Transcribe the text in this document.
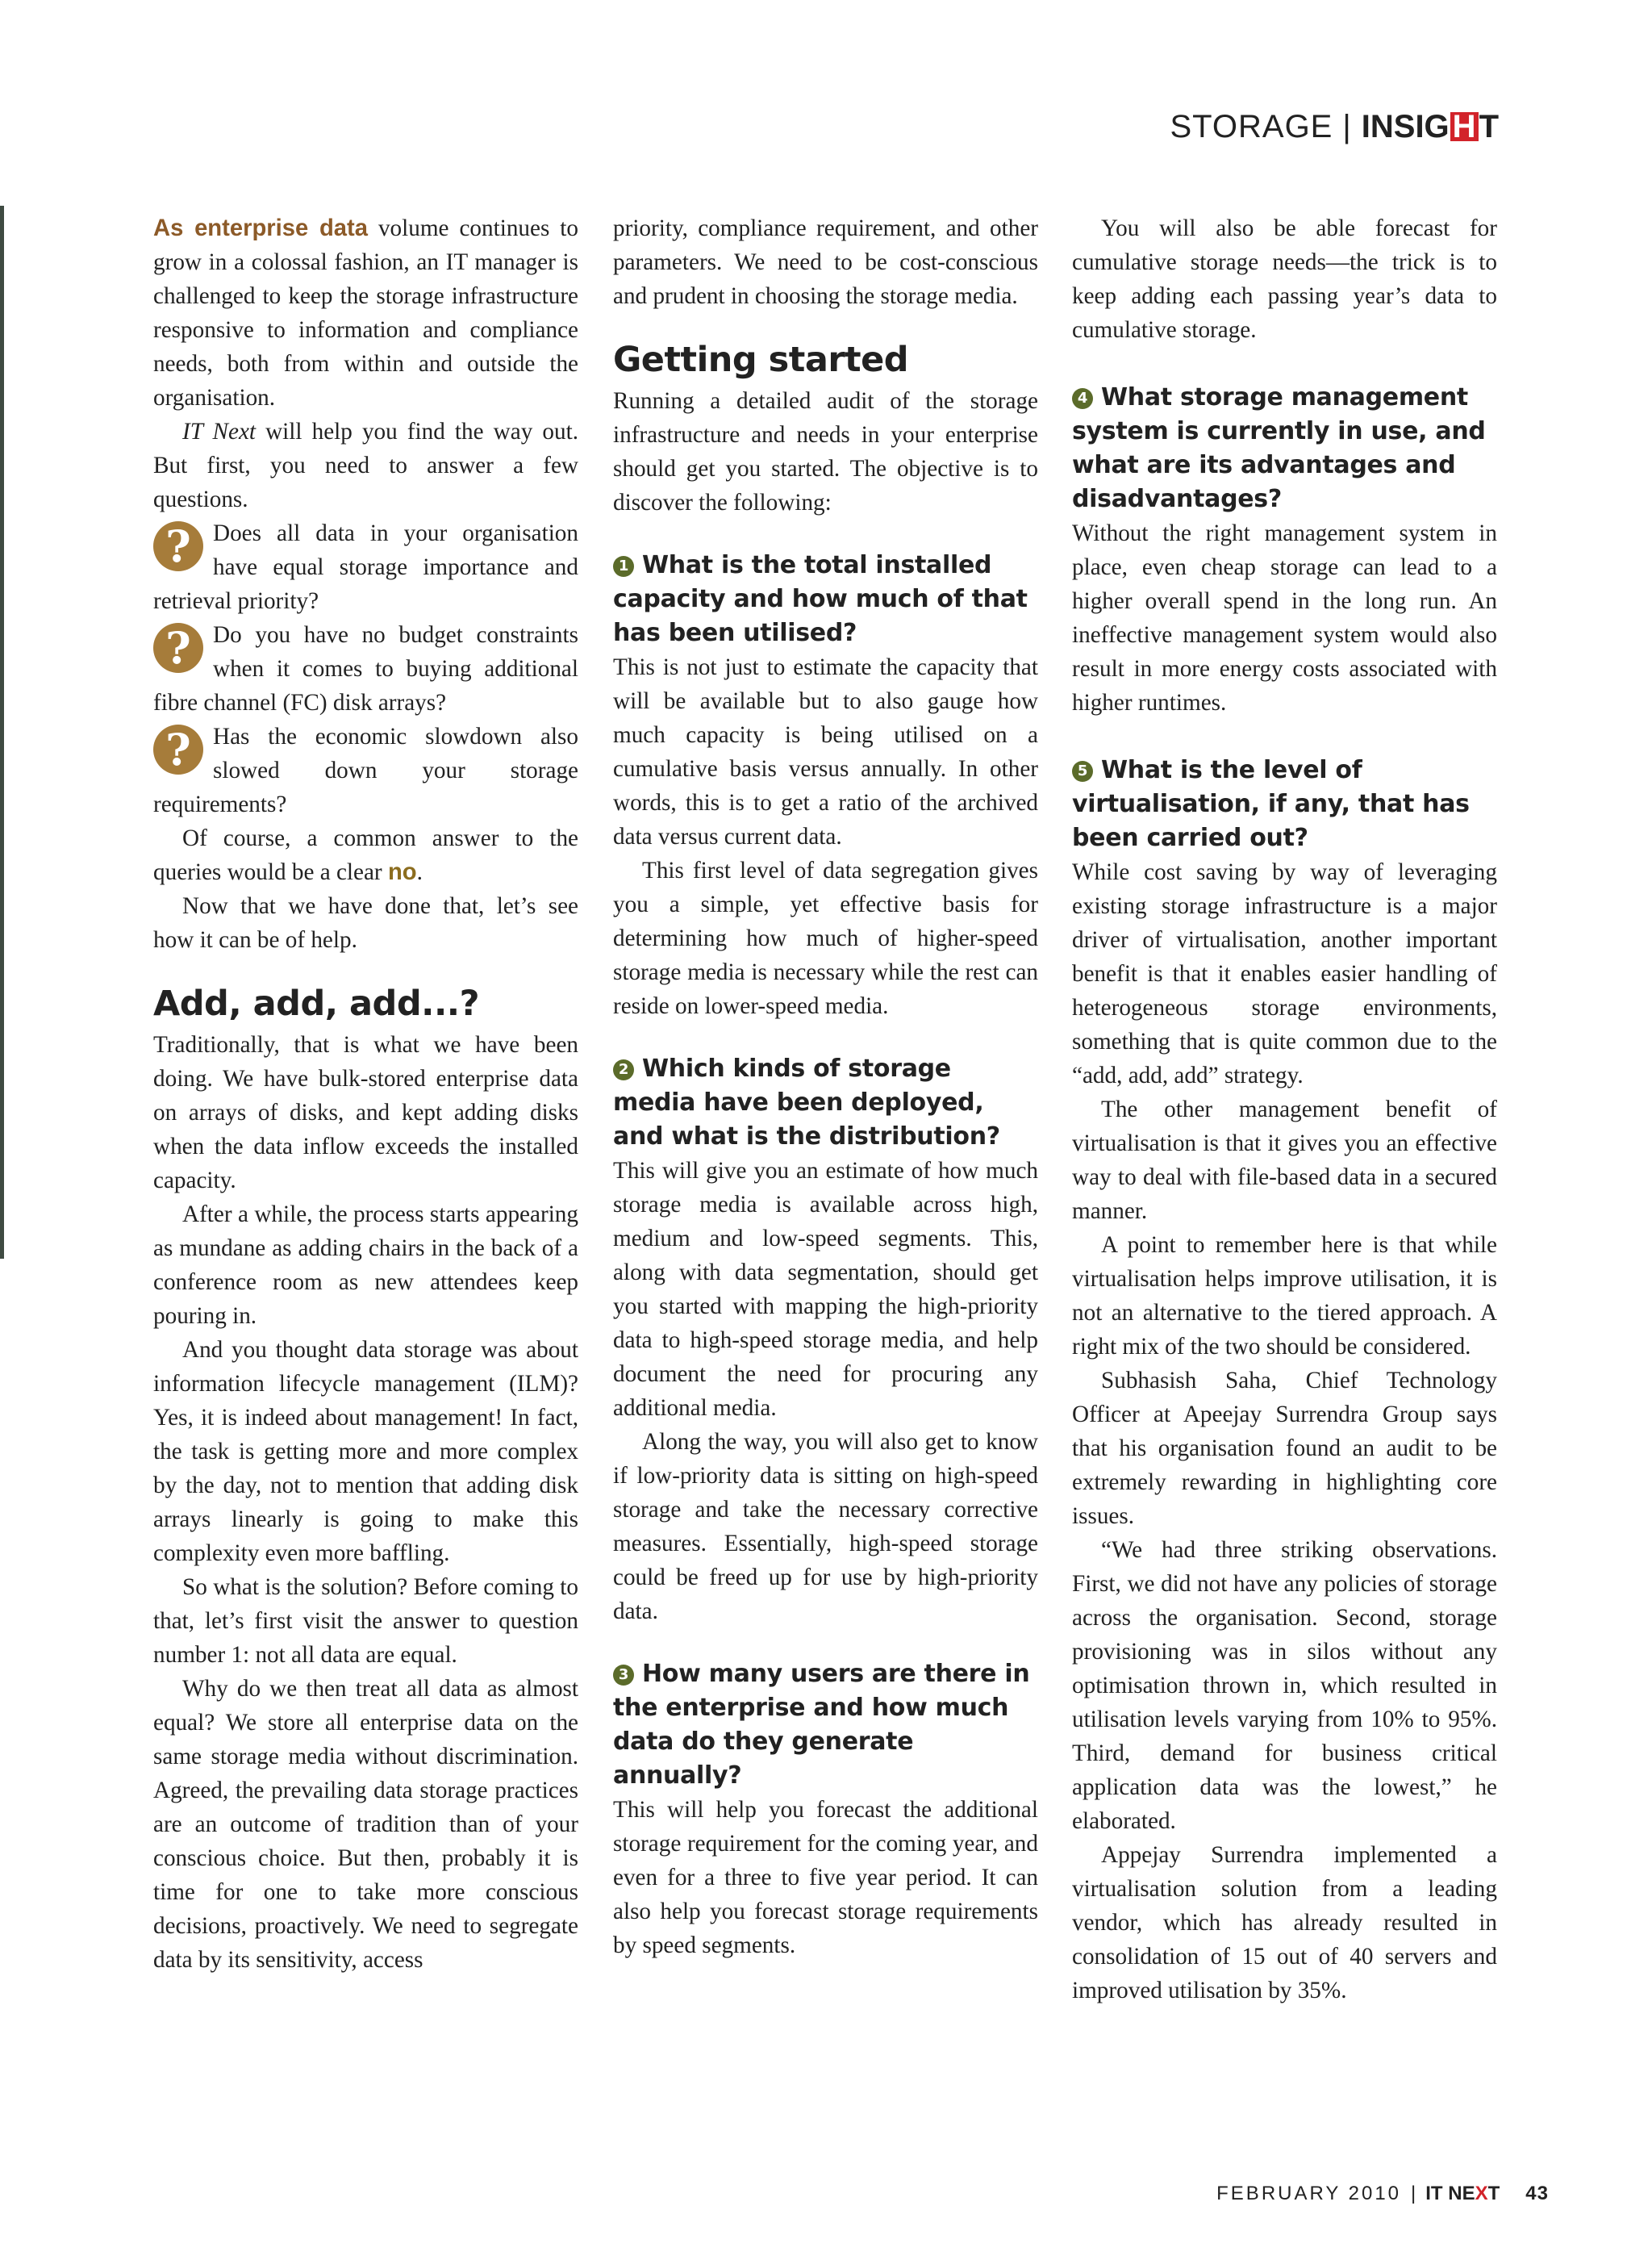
STORAGE | INSIG H T

As enterprise data volume continues to grow in a colossal fashion, an IT manager is challenged to keep the storage infrastructure responsive to information and compliance needs, both from within and outside the organisation.

IT Next will help you find the way out. But first, you need to answer a few questions.

? Does all data in your organisation have equal storage importance and retrieval priority?
? Do you have no budget constraints when it comes to buying additional fibre channel (FC) disk arrays?
? Has the economic slowdown also slowed down your storage requirements?

Of course, a common answer to the queries would be a clear no.

Now that we have done that, let’s see how it can be of help.

Add, add, add...?

Traditionally, that is what we have been doing. We have bulk-stored enterprise data on arrays of disks, and kept adding disks when the data inflow exceeds the installed capacity.

After a while, the process starts appearing as mundane as adding chairs in the back of a conference room as new attendees keep pouring in.

And you thought data storage was about information lifecycle management (ILM)? Yes, it is indeed about management! In fact, the task is getting more and more complex by the day, not to mention that adding disk arrays linearly is going to make this complexity even more baffling.

So what is the solution? Before coming to that, let’s first visit the answer to question number 1: not all data are equal.

Why do we then treat all data as almost equal? We store all enterprise data on the same storage media without discrimination. Agreed, the prevailing data storage practices are an outcome of tradition than of your conscious choice. But then, probably it is time for one to take more conscious decisions, proactively. We need to segregate data by its sensitivity, access

priority, compliance requirement, and other parameters. We need to be cost-conscious and prudent in choosing the storage media.

Getting started

Running a detailed audit of the storage infrastructure and needs in your enterprise should get you started. The objective is to discover the following:

1 What is the total installed capacity and how much of that has been utilised?

This is not just to estimate the capacity that will be available but to also gauge how much capacity is being utilised on a cumulative basis versus annually. In other words, this is to get a ratio of the archived data versus current data.

This first level of data segregation gives you a simple, yet effective basis for determining how much of higher-speed storage media is necessary while the rest can reside on lower-speed media.

2 Which kinds of storage media have been deployed, and what is the distribution?

This will give you an estimate of how much storage media is available across high, medium and low-speed segments. This, along with data segmentation, should get you started with mapping the high-priority data to high-speed storage media, and help document the need for procuring any additional media.

Along the way, you will also get to know if low-priority data is sitting on high-speed storage and take the necessary corrective measures. Essentially, high-speed storage could be freed up for use by high-priority data.

3 How many users are there in the enterprise and how much data do they generate annually?

This will help you forecast the additional storage requirement for the coming year, and even for a three to five year period. It can also help you forecast storage requirements by speed segments.

You will also be able forecast for cumulative storage needs—the trick is to keep adding each passing year’s data to cumulative storage.

4 What storage management system is currently in use, and what are its advantages and disadvantages?

Without the right management system in place, even cheap storage can lead to a higher overall spend in the long run. An ineffective management system would also result in more energy costs associated with higher runtimes.

5 What is the level of virtualisation, if any, that has been carried out?

While cost saving by way of leveraging existing storage infrastructure is a major driver of virtualisation, another important benefit is that it enables easier handling of heterogeneous storage environments, something that is quite common due to the “add, add, add” strategy.

The other management benefit of virtualisation is that it gives you an effective way to deal with file-based data in a secured manner.

A point to remember here is that while virtualisation helps improve utilisation, it is not an alternative to the tiered approach. A right mix of the two should be considered.

Subhasish Saha, Chief Technology Officer at Apeejay Surrendra Group says that his organisation found an audit to be extremely rewarding in highlighting core issues.

“We had three striking observations. First, we did not have any policies of storage across the organisation. Second, storage provisioning was in silos without any optimisation thrown in, which resulted in utilisation levels varying from 10% to 95%. Third, demand for business critical application data was the lowest,” he elaborated.

Appejay Surrendra implemented a virtualisation solution from a leading vendor, which has already resulted in consolidation of 15 out of 40 servers and improved utilisation by 35%.

FEBRUARY 2010 | IT NEXT 43
